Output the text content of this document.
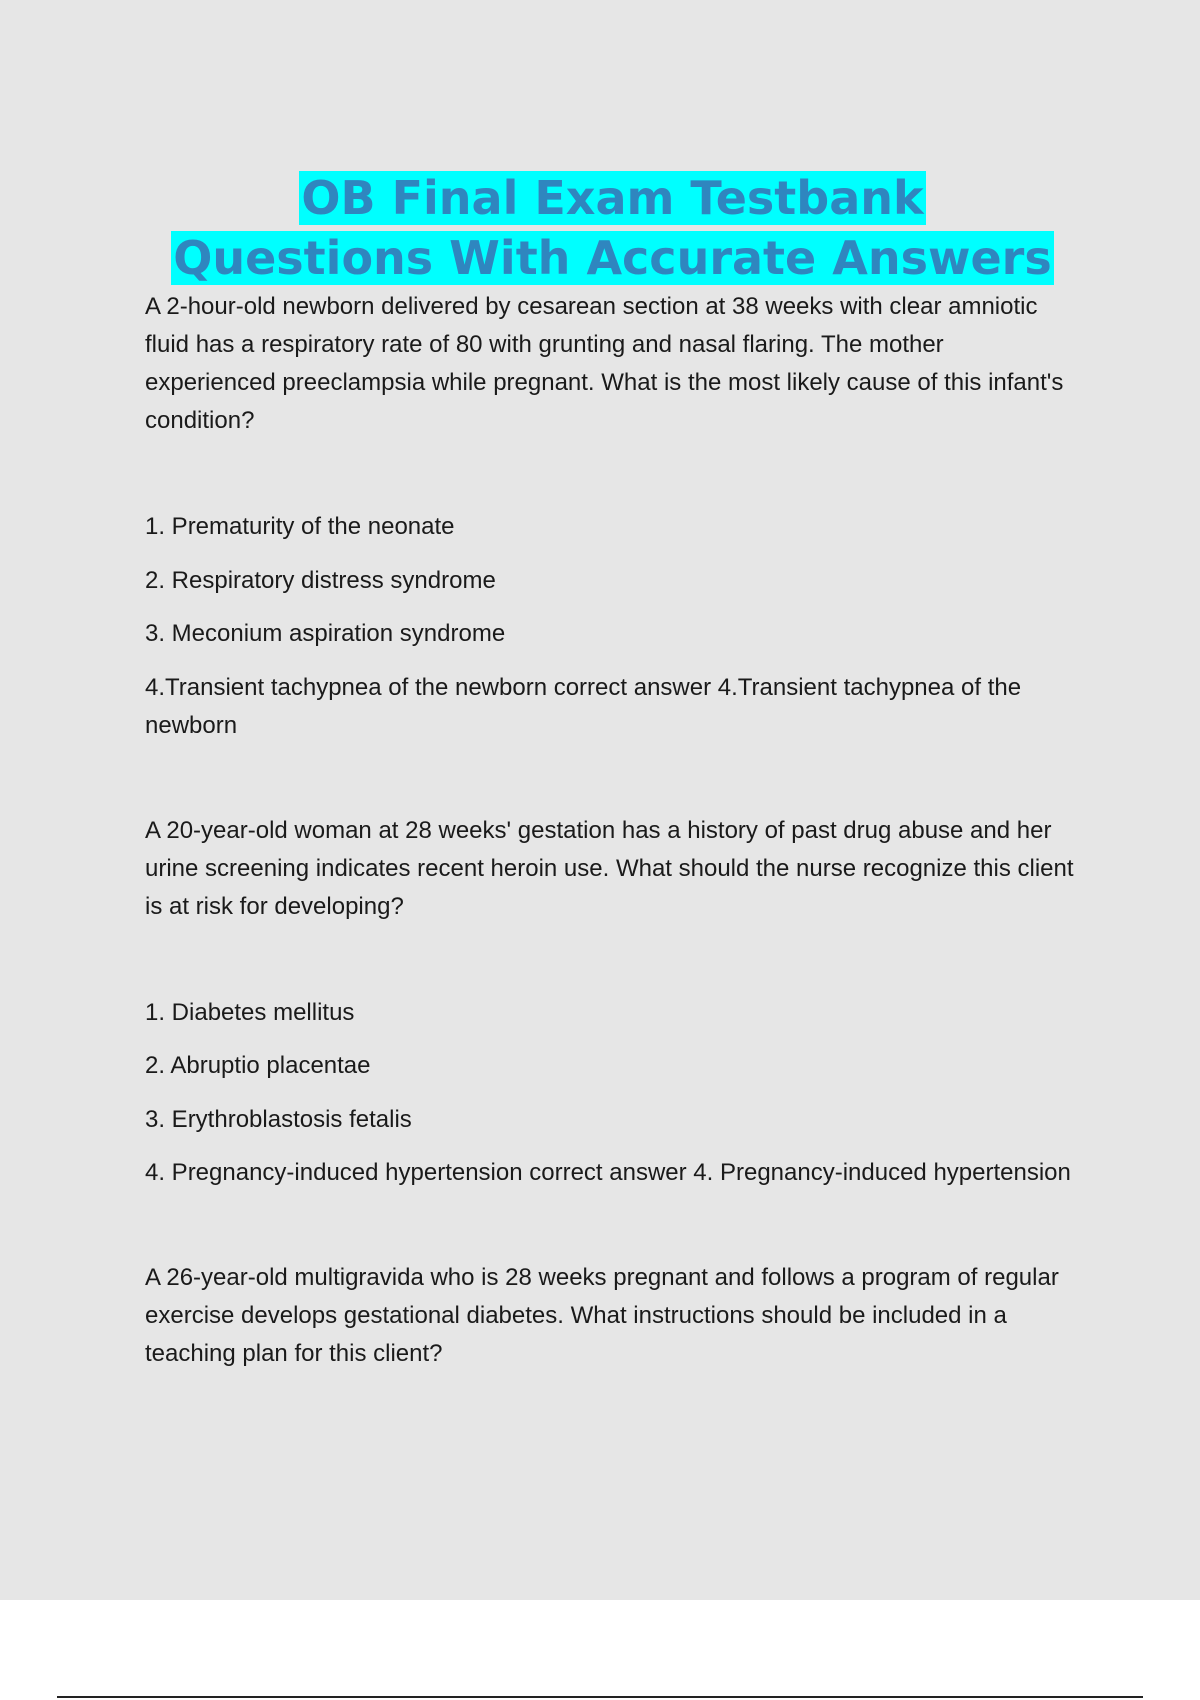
OB Final Exam Testbank
Questions With Accurate Answers

A 2-hour-old newborn delivered by cesarean section at 38 weeks with clear amniotic fluid has a respiratory rate of 80 with grunting and nasal flaring. The mother experienced preeclampsia while pregnant. What is the most likely cause of this infant's condition?

1. Prematurity of the neonate

2. Respiratory distress syndrome

3. Meconium aspiration syndrome

4.Transient tachypnea of the newborn correct answer 4.Transient tachypnea of the newborn

A 20-year-old woman at 28 weeks' gestation has a history of past drug abuse and her urine screening indicates recent heroin use. What should the nurse recognize this client is at risk for developing?

1. Diabetes mellitus

2. Abruptio placentae

3. Erythroblastosis fetalis

4. Pregnancy-induced hypertension correct answer 4. Pregnancy-induced hypertension

A 26-year-old multigravida who is 28 weeks pregnant and follows a program of regular exercise develops gestational diabetes. What instructions should be included in a teaching plan for this client?
